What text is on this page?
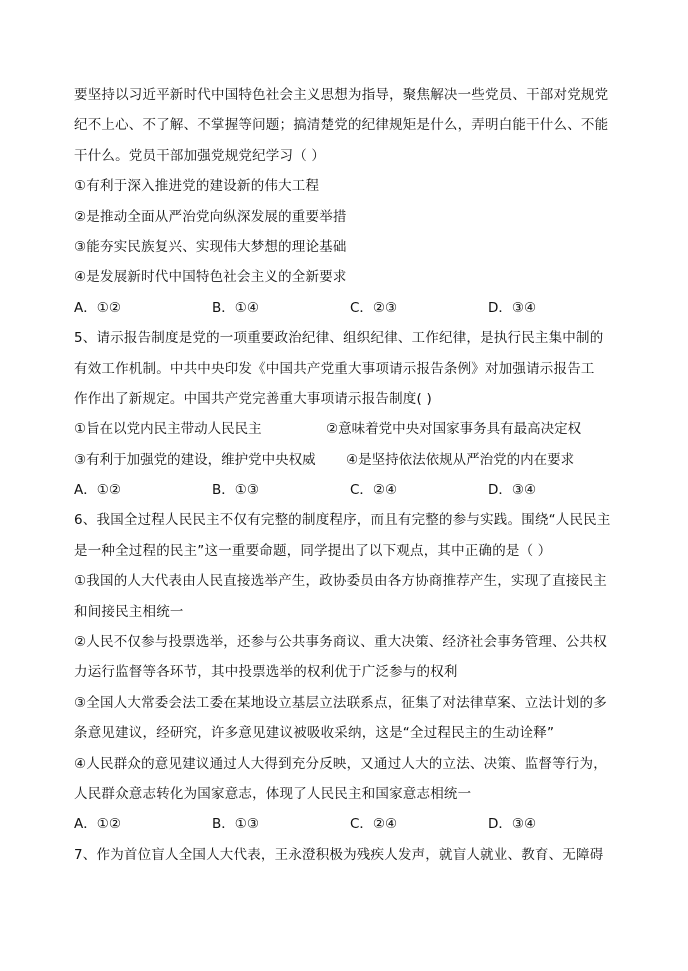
要坚持以习近平新时代中国特色社会主义思想为指导，聚焦解决一些党员、干部对党规党
纪不上心、不了解、不掌握等问题；搞清楚党的纪律规矩是什么，弄明白能干什么、不能
干什么。党员干部加强党规党纪学习（ ）
①有利于深入推进党的建设新的伟大工程
②是推动全面从严治党向纵深发展的重要举措
③能夯实民族复兴、实现伟大梦想的理论基础
④是发展新时代中国特色社会主义的全新要求
A．①②	B．①④	C．②③	D．③④
5、请示报告制度是党的一项重要政治纪律、组织纪律、工作纪律，是执行民主集中制的
有效工作机制。中共中央印发《中国共产党重大事项请示报告条例》对加强请示报告工
作作出了新规定。中国共产党完善重大事项请示报告制度( )
①旨在以党内民主带动人民民主	②意味着党中央对国家事务具有最高决定权
③有利于加强党的建设，维护党中央权威	④是坚持依法依规从严治党的内在要求
A．①②	B．①③	C．②④	D．③④
6、我国全过程人民民主不仅有完整的制度程序，而且有完整的参与实践。围绕“人民民主
是一种全过程的民主”这一重要命题，同学提出了以下观点，其中正确的是（ ）
①我国的人大代表由人民直接选举产生，政协委员由各方协商推荐产生，实现了直接民主
和间接民主相统一
②人民不仅参与投票选举，还参与公共事务商议、重大决策、经济社会事务管理、公共权
力运行监督等各环节，其中投票选举的权利优于广泛参与的权利
③全国人大常委会法工委在某地设立基层立法联系点，征集了对法律草案、立法计划的多
条意见建议，经研究，许多意见建议被吸收采纳，这是“全过程民主的生动诠释”
④人民群众的意见建议通过人大得到充分反映，又通过人大的立法、决策、监督等行为，
人民群众意志转化为国家意志，体现了人民民主和国家意志相统一
A．①②	B．①③	C．②④	D．③④
7、作为首位盲人全国人大代表，王永澄积极为残疾人发声，就盲人就业、教育、无障碍
